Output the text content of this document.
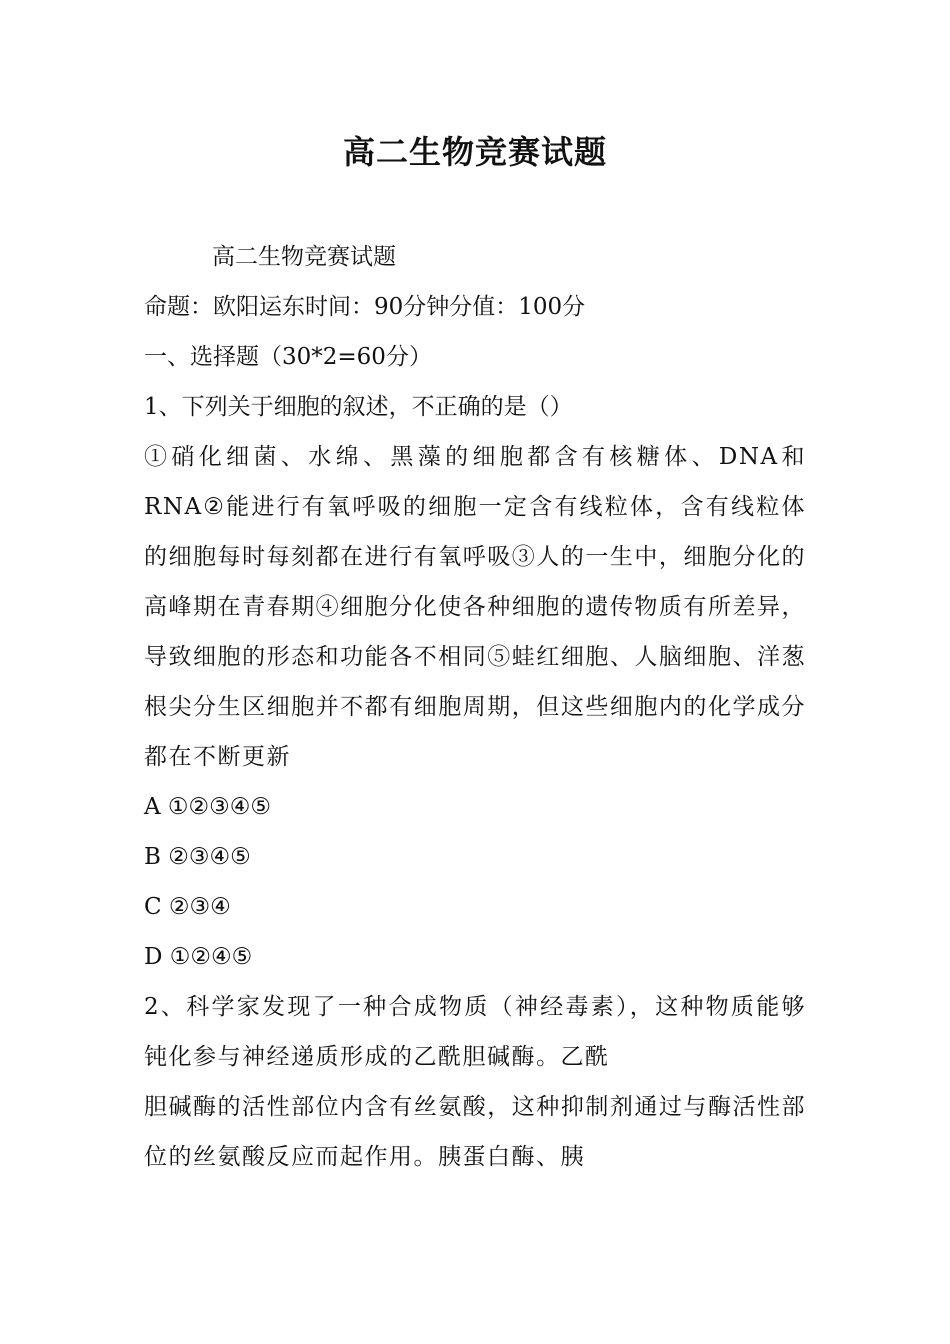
高二生物竞赛试题

高二生物竞赛试题

命题：欧阳运东时间：90分钟分值：100分

一、选择题（30*2=60分）

1、下列关于细胞的叙述，不正确的是（）

①硝化细菌、水绵、黑藻的细胞都含有核糖体、DNA和RNA②能进行有氧呼吸的细胞一定含有线粒体，含有线粒体的细胞每时每刻都在进行有氧呼吸③人的一生中，细胞分化的高峰期在青春期④细胞分化使各种细胞的遗传物质有所差异，导致细胞的形态和功能各不相同⑤蛙红细胞、人脑细胞、洋葱根尖分生区细胞并不都有细胞周期，但这些细胞内的化学成分都在不断更新

A ①②③④⑤

B ②③④⑤

C ②③④

D ①②④⑤

2、科学家发现了一种合成物质（神经毒素），这种物质能够钝化参与神经递质形成的乙酰胆碱酶。乙酰

胆碱酶的活性部位内含有丝氨酸，这种抑制剂通过与酶活性部位的丝氨酸反应而起作用。胰蛋白酶、胰
